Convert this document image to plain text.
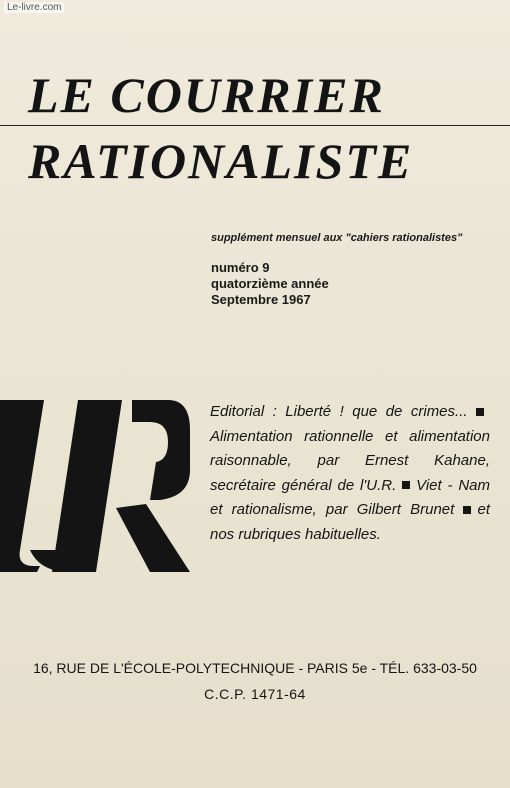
Le-livre.com
LE COURRIER
RATIONALISTE
supplément mensuel aux "cahiers rationalistes"
numéro 9
quatorzième année
Septembre 1967
Editorial : Liberté ! que de crimes... Alimentation rationnelle et alimentation raisonnable, par Ernest Kahane, secrétaire général de l'U.R. Viet - Nam et rationalisme, par Gilbert Brunet et nos rubriques habituelles.
16, RUE DE L'ÉCOLE-POLYTECHNIQUE - PARIS 5e - TÉL. 633-03-50
C.C.P. 1471-64
